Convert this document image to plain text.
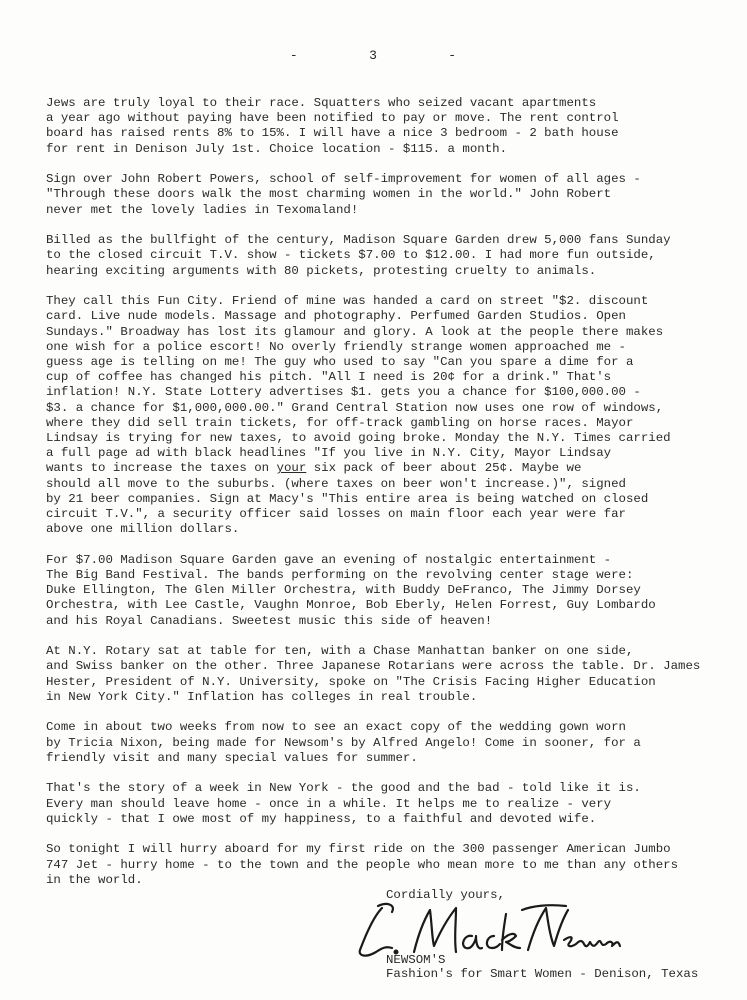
-        3        -
Jews are truly loyal to their race. Squatters who seized vacant apartments
a year ago without paying have been notified to pay or move. The rent control
board has raised rents 8% to 15%. I will have a nice 3 bedroom - 2 bath house
for rent in Denison July 1st. Choice location - $115. a month.
Sign over John Robert Powers, school of self-improvement for women of all ages -
"Through these doors walk the most charming women in the world." John Robert
never met the lovely ladies in Texomaland!
Billed as the bullfight of the century, Madison Square Garden drew 5,000 fans Sunday
to the closed circuit T.V. show - tickets $7.00 to $12.00. I had more fun outside,
hearing exciting arguments with 80 pickets, protesting cruelty to animals.
They call this Fun City. Friend of mine was handed a card on street "$2. discount
card. Live nude models. Massage and photography. Perfumed Garden Studios. Open
Sundays." Broadway has lost its glamour and glory. A look at the people there makes
one wish for a police escort! No overly friendly strange women approached me -
guess age is telling on me! The guy who used to say "Can you spare a dime for a
cup of coffee has changed his pitch. "All I need is 20¢ for a drink." That's
inflation! N.Y. State Lottery advertises $1. gets you a chance for $100,000.00 -
$3. a chance for $1,000,000.00." Grand Central Station now uses one row of windows,
where they did sell train tickets, for off-track gambling on horse races. Mayor
Lindsay is trying for new taxes, to avoid going broke. Monday the N.Y. Times carried
a full page ad with black headlines "If you live in N.Y. City, Mayor Lindsay
wants to increase the taxes on your six pack of beer about 25¢. Maybe we
should all move to the suburbs. (where taxes on beer won't increase.)", signed
by 21 beer companies. Sign at Macy's "This entire area is being watched on closed
circuit T.V.", a security officer said losses on main floor each year were far
above one million dollars.
For $7.00 Madison Square Garden gave an evening of nostalgic entertainment -
The Big Band Festival. The bands performing on the revolving center stage were:
Duke Ellington, The Glen Miller Orchestra, with Buddy DeFranco, The Jimmy Dorsey
Orchestra, with Lee Castle, Vaughn Monroe, Bob Eberly, Helen Forrest, Guy Lombardo
and his Royal Canadians. Sweetest music this side of heaven!
At N.Y. Rotary sat at table for ten, with a Chase Manhattan banker on one side,
and Swiss banker on the other. Three Japanese Rotarians were across the table. Dr. James
Hester, President of N.Y. University, spoke on "The Crisis Facing Higher Education
in New York City." Inflation has colleges in real trouble.
Come in about two weeks from now to see an exact copy of the wedding gown worn
by Tricia Nixon, being made for Newsom's by Alfred Angelo! Come in sooner, for a
friendly visit and many special values for summer.
That's the story of a week in New York - the good and the bad - told like it is.
Every man should leave home - once in a while. It helps me to realize - very
quickly - that I owe most of my happiness, to a faithful and devoted wife.
So tonight I will hurry aboard for my first ride on the 300 passenger American Jumbo
747 Jet - hurry home - to the town and the people who mean more to me than any others
in the world.
Cordially yours,
NEWSOM'S
Fashion's for Smart Women - Denison, Texas
